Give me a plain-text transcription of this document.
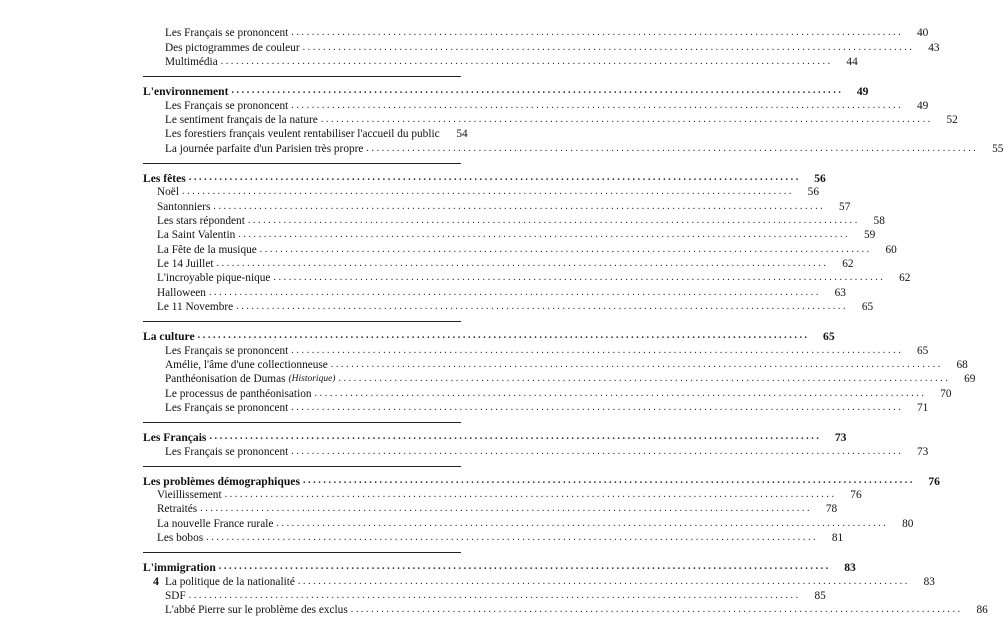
Les Français se prononcent ........................................................................................................................	40
Des pictogrammes de couleur ........................................................................................................................	43
Multimédia ........................................................................................................................	44
L'environnement ........................................................................................................................	49
Les Français se prononcent ........................................................................................................................	49
Le sentiment français de la nature ........................................................................................................................	52
Les forestiers français veulent rentabiliser l'accueil du public	54
La journée parfaite d'un Parisien très propre ........................................................................................................................	55
Les fêtes ........................................................................................................................	56
Noël ........................................................................................................................	56
Santonniers ........................................................................................................................	57
Les stars répondent ........................................................................................................................	58
La Saint Valentin ........................................................................................................................	59
La Fête de la musique ........................................................................................................................	60
Le 14 Juillet ........................................................................................................................	62
L'incroyable pique-nique ........................................................................................................................	62
Halloween ........................................................................................................................	63
Le 11 Novembre ........................................................................................................................	65
La culture ........................................................................................................................	65
Les Français se prononcent ........................................................................................................................	65
Amélie, l'âme d'une collectionneuse ........................................................................................................................	68
Panthéonisation de Dumas (Historique) ........................................................................................................................	69
Le processus de panthéonisation ........................................................................................................................	70
Les Français se prononcent ........................................................................................................................	71
Les Français ........................................................................................................................	73
Les Français se prononcent ........................................................................................................................	73
Les problèmes démographiques ........................................................................................................................	76
Vieillissement ........................................................................................................................	76
Retraités ........................................................................................................................	78
La nouvelle France rurale ........................................................................................................................	80
Les bobos ........................................................................................................................	81
L'immigration ........................................................................................................................	83
La politique de la nationalité ........................................................................................................................	83
SDF ........................................................................................................................	85
L'abbé Pierre sur le problème des exclus ........................................................................................................................	86
4
